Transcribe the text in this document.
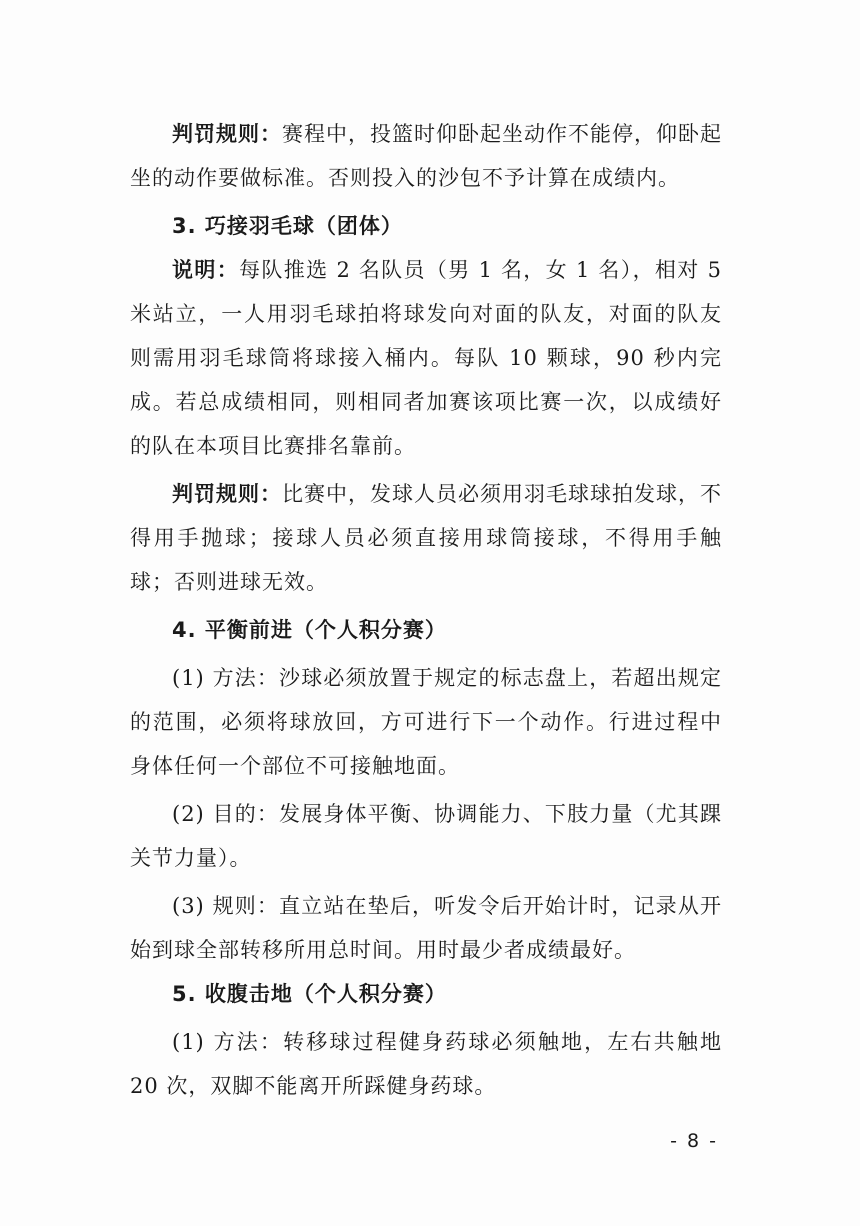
判罚规则：赛程中，投篮时仰卧起坐动作不能停，仰卧起坐的动作要做标准。否则投入的沙包不予计算在成绩内。

3. 巧接羽毛球（团体）

说明：每队推选 2 名队员（男 1 名，女 1 名），相对 5 米站立，一人用羽毛球拍将球发向对面的队友，对面的队友则需用羽毛球筒将球接入桶内。每队 10 颗球，90 秒内完成。若总成绩相同，则相同者加赛该项比赛一次，以成绩好的队在本项目比赛排名靠前。

判罚规则：比赛中，发球人员必须用羽毛球球拍发球，不得用手抛球；接球人员必须直接用球筒接球，不得用手触球；否则进球无效。

4. 平衡前进（个人积分赛）

(1) 方法：沙球必须放置于规定的标志盘上，若超出规定的范围，必须将球放回，方可进行下一个动作。行进过程中身体任何一个部位不可接触地面。

(2) 目的：发展身体平衡、协调能力、下肢力量（尤其踝关节力量）。

(3) 规则：直立站在垫后，听发令后开始计时，记录从开始到球全部转移所用总时间。用时最少者成绩最好。

5. 收腹击地（个人积分赛）

(1) 方法：转移球过程健身药球必须触地，左右共触地 20 次，双脚不能离开所踩健身药球。

- 8 -
